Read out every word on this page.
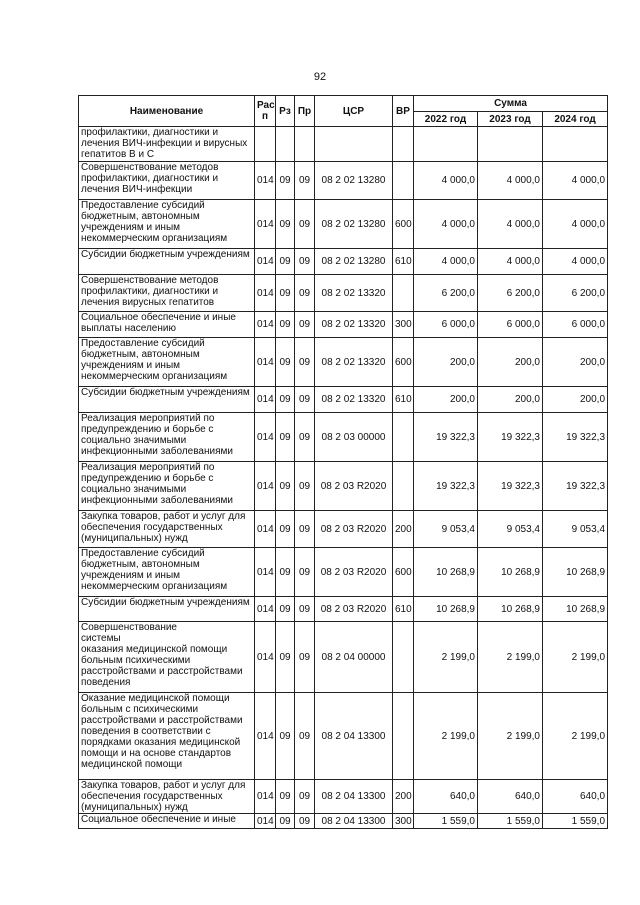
92
Наименование	Рас
п	Рз	Пр	ЦСР	ВР	Сумма		
						2022 год	2023 год	2024 год
профилактики, диагностики и лечения ВИЧ-инфекции и вирусных гепатитов В и С								
Совершенствование методов профилактики, диагностики и лечения ВИЧ-инфекции	014	09	09	08 2 02 13280		4 000,0	4 000,0	4 000,0
Предоставление субсидий бюджетным, автономным учреждениям и иным некоммерческим организациям	014	09	09	08 2 02 13280	600	4 000,0	4 000,0	4 000,0
Субсидии бюджетным учреждениям	014	09	09	08 2 02 13280	610	4 000,0	4 000,0	4 000,0
Совершенствование методов профилактики, диагностики и лечения вирусных гепатитов	014	09	09	08 2 02 13320		6 200,0	6 200,0	6 200,0
Социальное обеспечение и иные выплаты населению	014	09	09	08 2 02 13320	300	6 000,0	6 000,0	6 000,0
Предоставление субсидий бюджетным, автономным учреждениям и иным некоммерческим организациям	014	09	09	08 2 02 13320	600	200,0	200,0	200,0
Субсидии бюджетным учреждениям	014	09	09	08 2 02 13320	610	200,0	200,0	200,0
Реализация мероприятий по предупреждению и борьбе с социально значимыми инфекционными заболеваниями	014	09	09	08 2 03 00000		19 322,3	19 322,3	19 322,3
Реализация мероприятий по предупреждению и борьбе с социально значимыми инфекционными заболеваниями	014	09	09	08 2 03 R2020		19 322,3	19 322,3	19 322,3
Закупка товаров, работ и услуг для обеспечения государственных (муниципальных) нужд	014	09	09	08 2 03 R2020	200	9 053,4	9 053,4	9 053,4
Предоставление субсидий бюджетным, автономным учреждениям и иным некоммерческим организациям	014	09	09	08 2 03 R2020	600	10 268,9	10 268,9	10 268,9
Субсидии бюджетным учреждениям	014	09	09	08 2 03 R2020	610	10 268,9	10 268,9	10 268,9
Совершенствование
системы
оказания медицинской помощи больным психическими расстройствами и расстройствами поведения	014	09	09	08 2 04 00000		2 199,0	2 199,0	2 199,0
Оказание медицинской помощи больным с психическими расстройствами и расстройствами поведения в соответствии с порядками оказания медицинской помощи и на основе стандартов медицинской помощи	014	09	09	08 2 04 13300		2 199,0	2 199,0	2 199,0
Закупка товаров, работ и услуг для обеспечения государственных (муниципальных) нужд	014	09	09	08 2 04 13300	200	640,0	640,0	640,0
Социальное обеспечение и иные	014	09	09	08 2 04 13300	300	1 559,0	1 559,0	1 559,0
